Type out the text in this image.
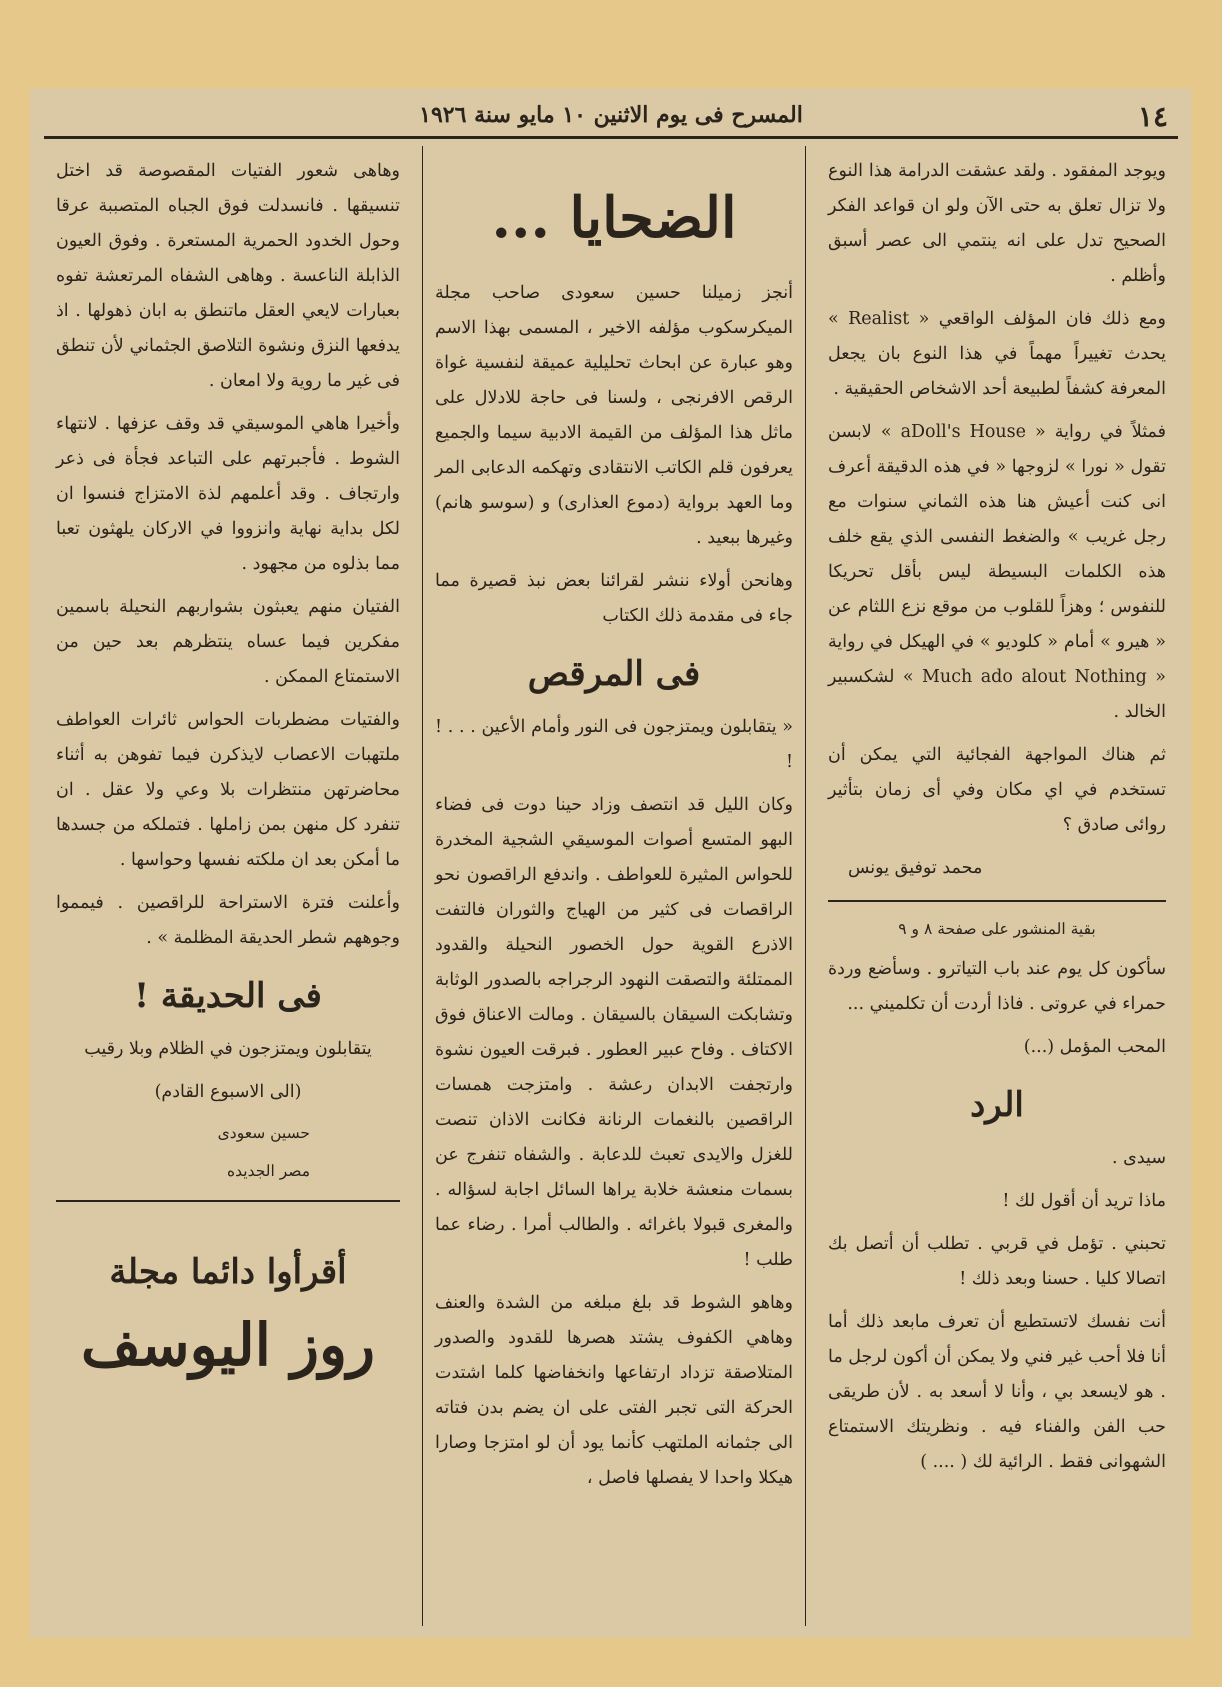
١٤
المسرح فى يوم الاثنين ١٠ مايو سنة ١٩٢٦

ويوجد المفقود . ولقد عشقت الدرامة هذا النوع ولا تزال تعلق به حتى الآن ولو ان قواعد الفكر الصحيح تدل على انه ينتمي الى عصر أسبق وأظلم .

ومع ذلك فان المؤلف الواقعي « Realist » يحدث تغييراً مهماً في هذا النوع بان يجعل المعرفة كشفاً لطبيعة أحد الاشخاص الحقيقية .

فمثلاً في رواية « aDoll's House » لابسن تقول « نورا » لزوجها « في هذه الدقيقة أعرف انى كنت أعيش هنا هذه الثماني سنوات مع رجل غريب » والضغط النفسى الذي يقع خلف هذه الكلمات البسيطة ليس بأقل تحريكا للنفوس ؛ وهزاً للقلوب من موقع نزع اللثام عن « هيرو » أمام « كلوديو » في الهيكل في رواية « Much ado alout Nothing » لشكسبير الخالد .

ثم هناك المواجهة الفجائية التي يمكن أن تستخدم في اي مكان وفي أى زمان بتأثير روائى صادق ؟

محمد توفيق يونس

بقية المنشور على صفحة ٨ و ٩

سأكون كل يوم عند باب التياترو . وسأضع وردة حمراء في عروتى . فاذا أردت أن تكلميني ...

المحب المؤمل (...)

الرد

سيدى .

ماذا تريد أن أقول لك !

تحبني . تؤمل في قربي . تطلب أن أتصل بك اتصالا كليا . حسنا وبعد ذلك !

أنت نفسك لاتستطيع أن تعرف مابعد ذلك أما أنا فلا أحب غير فني ولا يمكن أن أكون لرجل ما . هو لايسعد بي ، وأنا لا أسعد به . لأن طريقى حب الفن والفناء فيه . ونظريتك الاستمتاع الشهوانى فقط . الرائية لك ( .... )

الضحايا ...

أنجز زميلنا حسين سعودى صاحب مجلة الميكرسكوب مؤلفه الاخير ، المسمى بهذا الاسم وهو عبارة عن ابحاث تحليلية عميقة لنفسية غواة الرقص الافرنجى ، ولسنا فى حاجة للادلال على ماثل هذا المؤلف من القيمة الادبية سيما والجميع يعرفون قلم الكاتب الانتقادى وتهكمه الدعابى المر وما العهد برواية (دموع العذارى) و (سوسو هانم) وغيرها ببعيد .

وهانحن أولاء ننشر لقرائنا بعض نبذ قصيرة مما جاء فى مقدمة ذلك الكتاب

فى المرقص

« يتقابلون ويمتزجون فى النور وأمام الأعين . . . ! !

وكان الليل قد انتصف وزاد حينا دوت فى فضاء البهو المتسع أصوات الموسيقي الشجية المخدرة للحواس المثيرة للعواطف . واندفع الراقصون نحو الراقصات فى كثير من الهياج والثوران فالتفت الاذرع القوية حول الخصور النحيلة والقدود الممتلئة والتصقت النهود الرجراجه بالصدور الوثابة وتشابكت السيقان بالسيقان . ومالت الاعناق فوق الاكتاف . وفاح عبير العطور . فبرقت العيون نشوة وارتجفت الابدان رعشة . وامتزجت همسات الراقصين بالنغمات الرنانة فكانت الاذان تنصت للغزل والايدى تعبث للدعابة . والشفاه تنفرج عن بسمات منعشة خلابة يراها السائل اجابة لسؤاله . والمغرى قبولا باغرائه . والطالب أمرا . رضاء عما طلب !

وهاهو الشوط قد بلغ مبلغه من الشدة والعنف وهاهي الكفوف يشتد هصرها للقدود والصدور المتلاصقة تزداد ارتفاعها وانخفاضها كلما اشتدت الحركة التى تجبر الفتى على ان يضم بدن فتاته الى جثمانه الملتهب كأنما يود أن لو امتزجا وصارا هيكلا واحدا لا يفصلها فاصل ،

وهاهى شعور الفتيات المقصوصة قد اختل تنسيقها . فانسدلت فوق الجباه المتصببة عرقا وحول الخدود الحمرية المستعرة . وفوق العيون الذابلة الناعسة . وهاهى الشفاه المرتعشة تفوه بعبارات لايعي العقل ماتنطق به ابان ذهولها . اذ يدفعها النزق ونشوة التلاصق الجثماني لأن تنطق فى غير ما روية ولا امعان .

وأخيرا هاهي الموسيقي قد وقف عزفها . لانتهاء الشوط . فأجبرتهم على التباعد فجأة فى ذعر وارتجاف . وقد أعلمهم لذة الامتزاج فنسوا ان لكل بداية نهاية وانزووا في الاركان يلهثون تعبا مما بذلوه من مجهود .

الفتيان منهم يعبثون بشواربهم النحيلة باسمين مفكرين فيما عساه ينتظرهم بعد حين من الاستمتاع الممكن .

والفتيات مضطربات الحواس ثائرات العواطف ملتهبات الاعصاب لايذكرن فيما تفوهن به أثناء محاضرتهن منتظرات بلا وعي ولا عقل . ان تنفرد كل منهن بمن زاملها . فتملكه من جسدها ما أمكن بعد ان ملكته نفسها وحواسها .

وأعلنت فترة الاستراحة للراقصين . فيمموا وجوههم شطر الحديقة المظلمة » .

فى الحديقة !

يتقابلون ويمتزجون في الظلام وبلا رقيب

(الى الاسبوع القادم)

حسين سعودى

مصر الجديده

أقرأوا دائما مجلة
روز اليوسف
